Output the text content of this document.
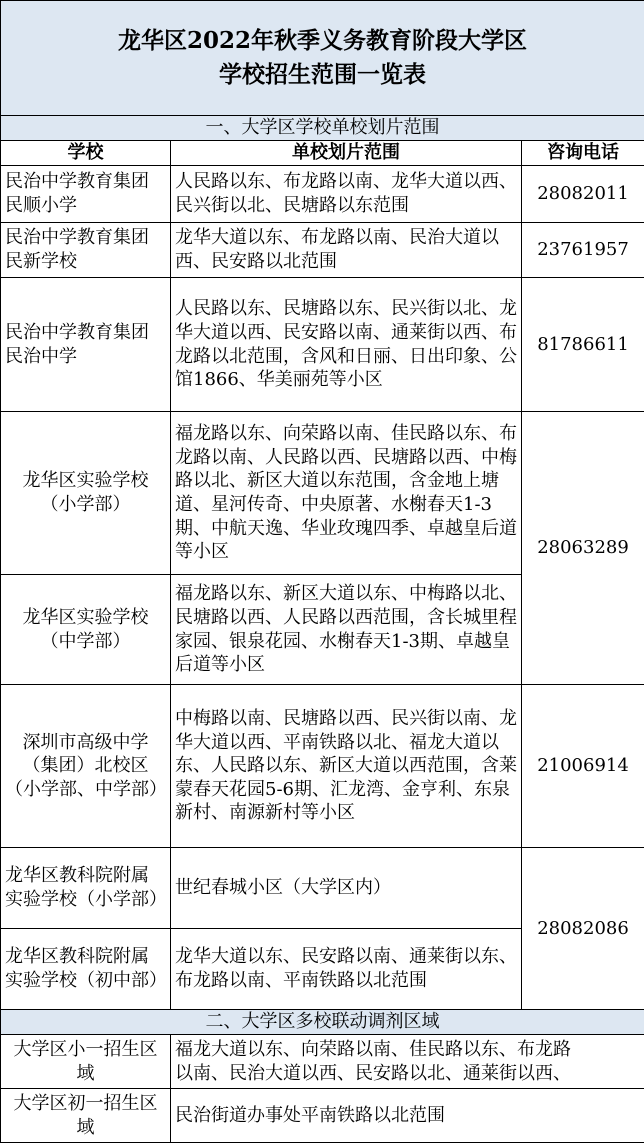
龙华区2022年秋季义务教育阶段大学区
学校招生范围一览表		

一、大学区学校单校划片范围		
学校	单校划片范围	咨询电话
民治中学教育集团民顺小学	人民路以东、布龙路以南、龙华大道以西、民兴街以北、民塘路以东范围	28082011
民治中学教育集团民新学校	龙华大道以东、布龙路以南、民治大道以西、民安路以北范围	23761957
民治中学教育集团民治中学	人民路以东、民塘路以东、民兴街以北、龙华大道以西、民安路以南、通莱街以西、布龙路以北范围，含风和日丽、日出印象、公馆1866、华美丽苑等小区	81786611
龙华区实验学校（小学部）	福龙路以东、向荣路以南、佳民路以东、布龙路以南、人民路以西、民塘路以西、中梅路以北、新区大道以东范围，含金地上塘道、星河传奇、中央原著、水榭春天1-3期、中航天逸、华业玫瑰四季、卓越皇后道等小区	28063289
龙华区实验学校（中学部）	福龙路以东、新区大道以东、中梅路以北、民塘路以西、人民路以西范围，含长城里程家园、银泉花园、水榭春天1-3期、卓越皇后道等小区	
深圳市高级中学（集团）北校区（小学部、中学部）	中梅路以南、民塘路以西、民兴街以南、龙华大道以西、平南铁路以北、福龙大道以东、人民路以东、新区大道以西范围，含莱蒙春天花园5-6期、汇龙湾、金亨利、东泉新村、南源新村等小区	21006914
龙华区教科院附属实验学校（小学部）	世纪春城小区（大学区内）	28082086
龙华区教科院附属实验学校（初中部）	龙华大道以东、民安路以南、通莱街以东、布龙路以南、平南铁路以北范围	
二、大学区多校联动调剂区域		
大学区小一招生区域	福龙大道以东、向荣路以南、佳民路以东、布龙路
以南、民治大道以西、民安路以北、通莱街以西、	

大学区初一招生区域	民治街道办事处平南铁路以北范围	
